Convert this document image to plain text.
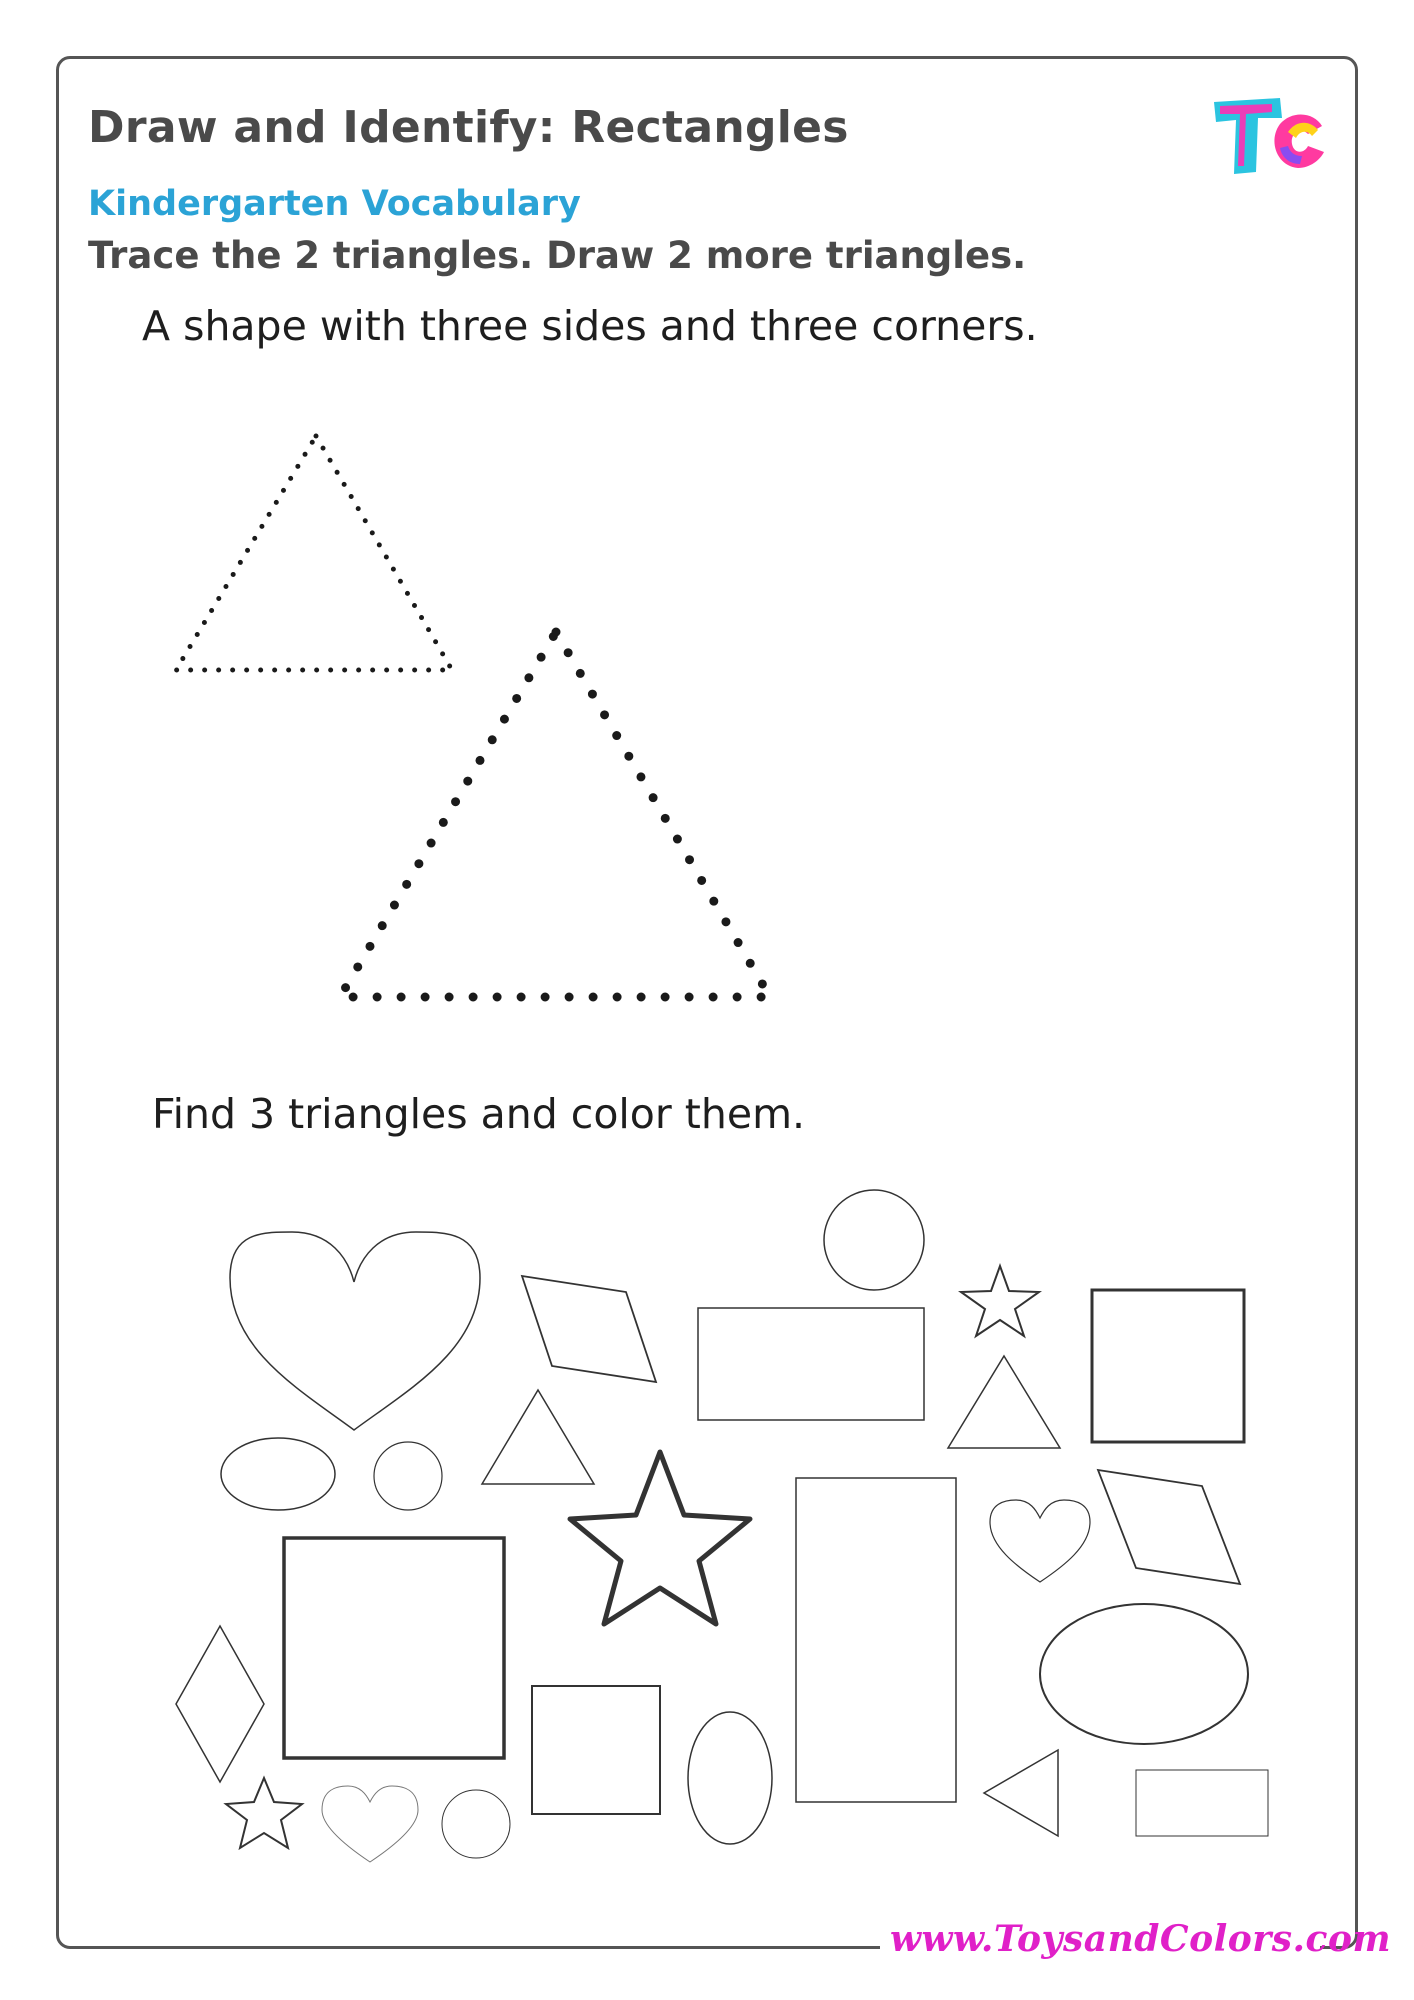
Draw and Identify: Rectangles
Kindergarten Vocabulary
Trace the 2 triangles. Draw 2 more triangles.
A shape with three sides and three corners.
Find 3 triangles and color them.
www.ToysandColors.com
